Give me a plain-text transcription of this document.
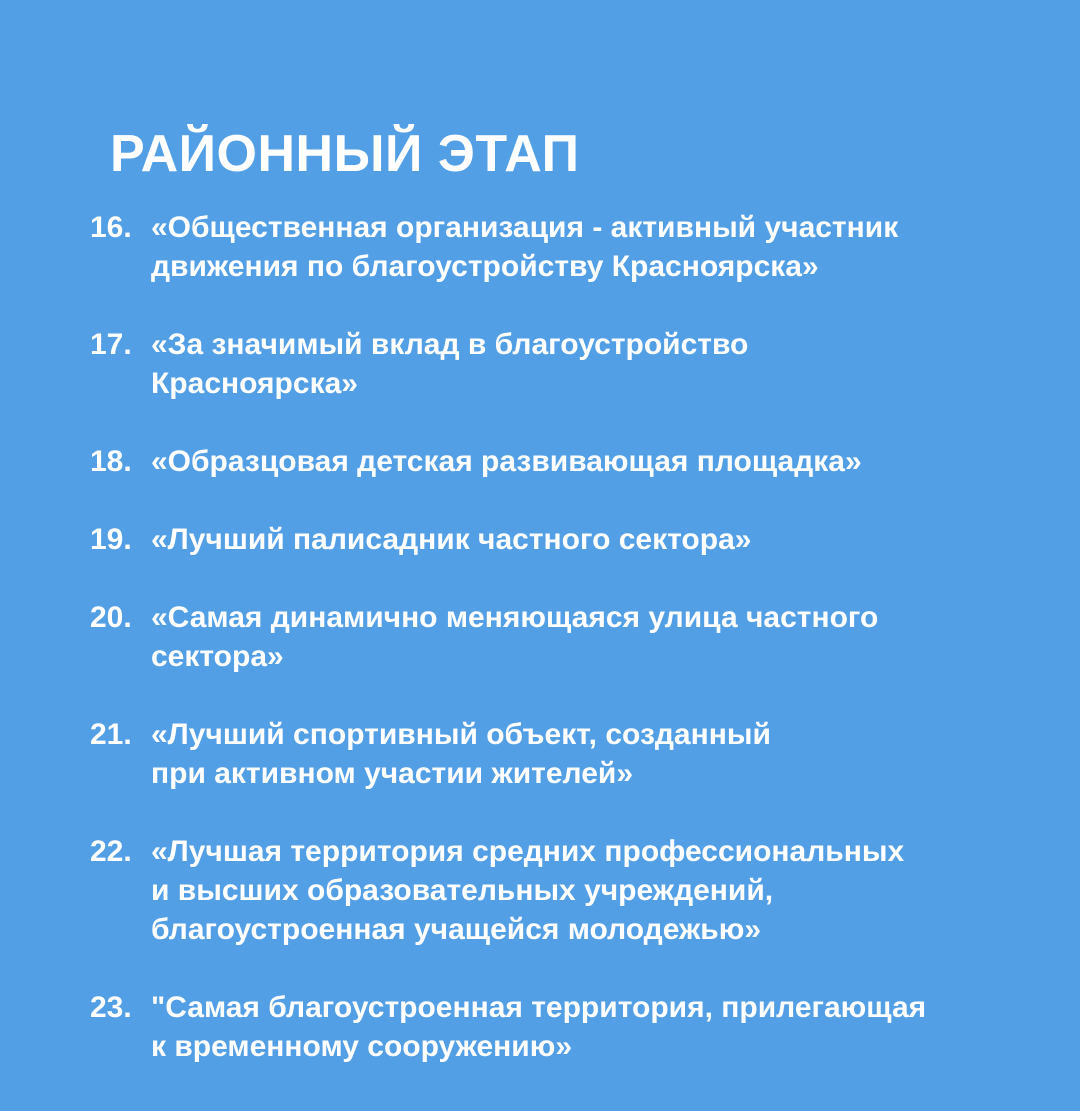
РАЙОННЫЙ ЭТАП
16. «Общественная организация - активный участник
движения по благоустройству Красноярска»
17. «За значимый вклад в благоустройство
Красноярска»
18. «Образцовая детская развивающая площадка»
19. «Лучший палисадник частного сектора»
20. «Самая динамично меняющаяся улица частного
сектора»
21. «Лучший спортивный объект, созданный
при активном участии жителей»
22. «Лучшая территория средних профессиональных
и высших образовательных учреждений,
благоустроенная учащейся молодежью»
23. "Самая благоустроенная территория, прилегающая
к временному сооружению»
